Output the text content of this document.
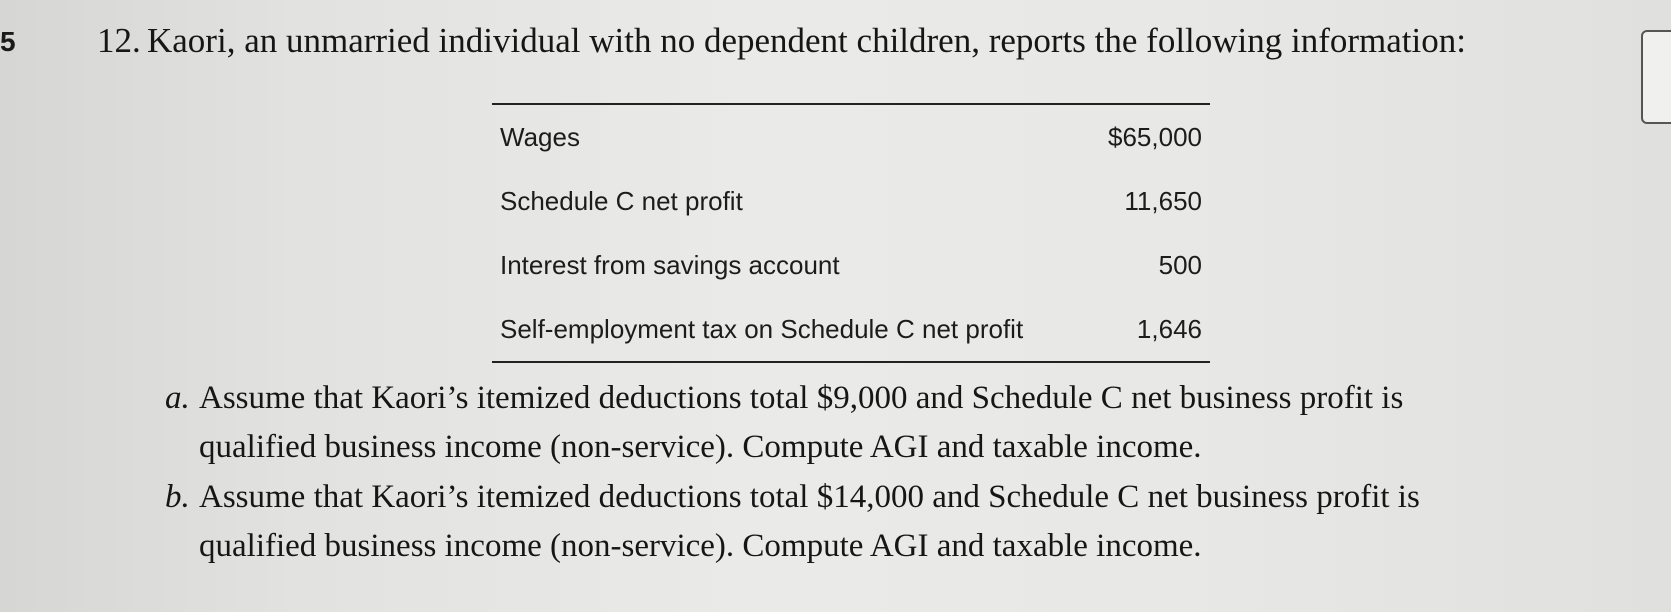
5 12. Kaori, an unmarried individual with no dependent children, reports the following information:
Wages	$65,000
Schedule C net profit	11,650
Interest from savings account	500
Self-employment tax on Schedule C net profit	1,646
a. Assume that Kaori’s itemized deductions total $9,000 and Schedule C net business profit is
qualified business income (non-service). Compute AGI and taxable income.
b. Assume that Kaori’s itemized deductions total $14,000 and Schedule C net business profit is
qualified business income (non-service). Compute AGI and taxable income.
